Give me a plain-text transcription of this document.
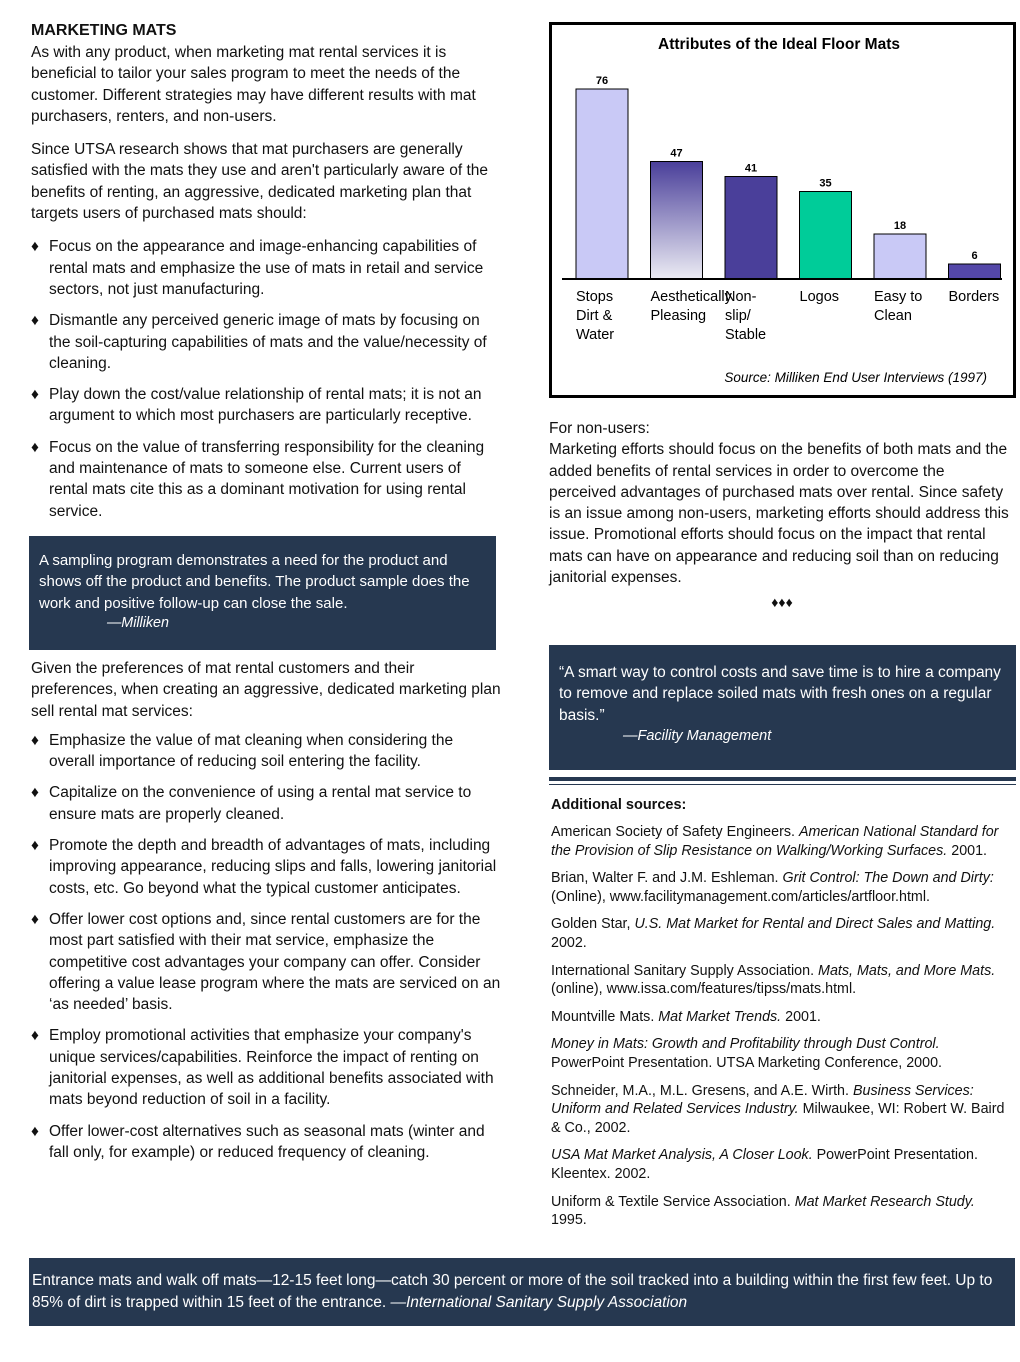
MARKETING MATS

As with any product, when marketing mat rental services it is beneficial to tailor your sales program to meet the needs of the customer. Different strategies may have different results with mat purchasers, renters, and non-users.

Since UTSA research shows that mat purchasers are generally satisfied with the mats they use and aren't particularly aware of the benefits of renting, an aggressive, dedicated marketing plan that targets users of purchased mats should:

♦ Focus on the appearance and image-enhancing capabilities of rental mats and emphasize the use of mats in retail and service sectors, not just manufacturing.
♦ Dismantle any perceived generic image of mats by focusing on the soil-capturing capabilities of mats and the value/necessity of cleaning.
♦ Play down the cost/value relationship of rental mats; it is not an argument to which most purchasers are particularly receptive.
♦ Focus on the value of transferring responsibility for the cleaning and maintenance of mats to someone else. Current users of rental mats cite this as a dominant motivation for using rental service.

A sampling program demonstrates a need for the product and shows off the product and benefits. The product sample does the work and positive follow-up can close the sale.

—Milliken

Given the preferences of mat rental customers and their preferences, when creating an aggressive, dedicated marketing plan sell rental mat services:

♦ Emphasize the value of mat cleaning when considering the overall importance of reducing soil entering the facility.
♦ Capitalize on the convenience of using a rental mat service to ensure mats are properly cleaned.
♦ Promote the depth and breadth of advantages of mats, including improving appearance, reducing slips and falls, lowering janitorial costs, etc. Go beyond what the typical customer anticipates.
♦ Offer lower cost options and, since rental customers are for the most part satisfied with their mat service, emphasize the competitive cost advantages your company can offer. Consider offering a value lease program where the mats are serviced on an ‘as needed’ basis.
♦ Employ promotional activities that emphasize your company's unique services/capabilities. Reinforce the impact of renting on janitorial expenses, as well as additional benefits associated with mats beyond reduction of soil in a facility.
♦ Offer lower-cost alternatives such as seasonal mats (winter and fall only, for example) or reduced frequency of cleaning.
Attributes of the Ideal Floor Mats
76
Stops Dirt & Water
47
Aesthetically Pleasing
41
Non-slip/ Stable
35
Logos
18
Easy to Clean
6
Borders
Source: Milliken End User Interviews (1997)

For non-users:

Marketing efforts should focus on the benefits of both mats and the added benefits of rental services in order to overcome the perceived advantages of purchased mats over rental. Since safety is an issue among non-users, marketing efforts should address this issue. Promotional efforts should focus on the impact that rental mats can have on appearance and reducing soil than on reducing janitorial expenses.

♦♦♦

“A smart way to control costs and save time is to hire a company to remove and replace soiled mats with fresh ones on a regular basis.”

—Facility Management

Additional sources:

American Society of Safety Engineers. American National Standard for the Provision of Slip Resistance on Walking/Working Surfaces. 2001.

Brian, Walter F. and J.M. Eshleman. Grit Control: The Down and Dirty: (Online), www.facilitymanagement.com/articles/artfloor.html.

Golden Star, U.S. Mat Market for Rental and Direct Sales and Matting. 2002.

International Sanitary Supply Association. Mats, Mats, and More Mats. (online), www.issa.com/features/tipss/mats.html.

Mountville Mats. Mat Market Trends. 2001.

Money in Mats: Growth and Profitability through Dust Control. PowerPoint Presentation. UTSA Marketing Conference, 2000.

Schneider, M.A., M.L. Gresens, and A.E. Wirth. Business Services: Uniform and Related Services Industry. Milwaukee, WI: Robert W. Baird & Co., 2002.

USA Mat Market Analysis, A Closer Look. PowerPoint Presentation. Kleentex. 2002.

Uniform & Textile Service Association. Mat Market Research Study. 1995.

Entrance mats and walk off mats—12-15 feet long—catch 30 percent or more of the soil tracked into a building within the first few feet. Up to 85% of dirt is trapped within 15 feet of the entrance. —International Sanitary Supply Association
